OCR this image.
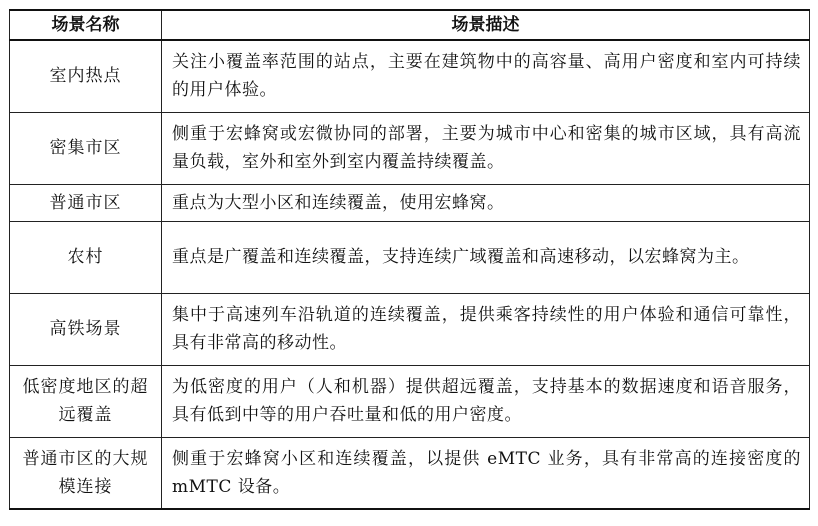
场景名称	场景描述
室内热点	关注小覆盖率范围的站点，主要在建筑物中的高容量、高用户密度和室内可持续的用户体验。
密集市区	侧重于宏蜂窝或宏微协同的部署，主要为城市中心和密集的城市区域，具有高流量负载，室外和室外到室内覆盖持续覆盖。
普通市区	重点为大型小区和连续覆盖，使用宏蜂窝。
农村	重点是广覆盖和连续覆盖，支持连续广域覆盖和高速移动，以宏蜂窝为主。
高铁场景	集中于高速列车沿轨道的连续覆盖，提供乘客持续性的用户体验和通信可靠性，具有非常高的移动性。
低密度地区的超远覆盖	为低密度的用户（人和机器）提供超远覆盖，支持基本的数据速度和语音服务，具有低到中等的用户吞吐量和低的用户密度。
普通市区的大规模连接	侧重于宏蜂窝小区和连续覆盖，以提供 eMTC 业务，具有非常高的连接密度的 mMTC 设备。
